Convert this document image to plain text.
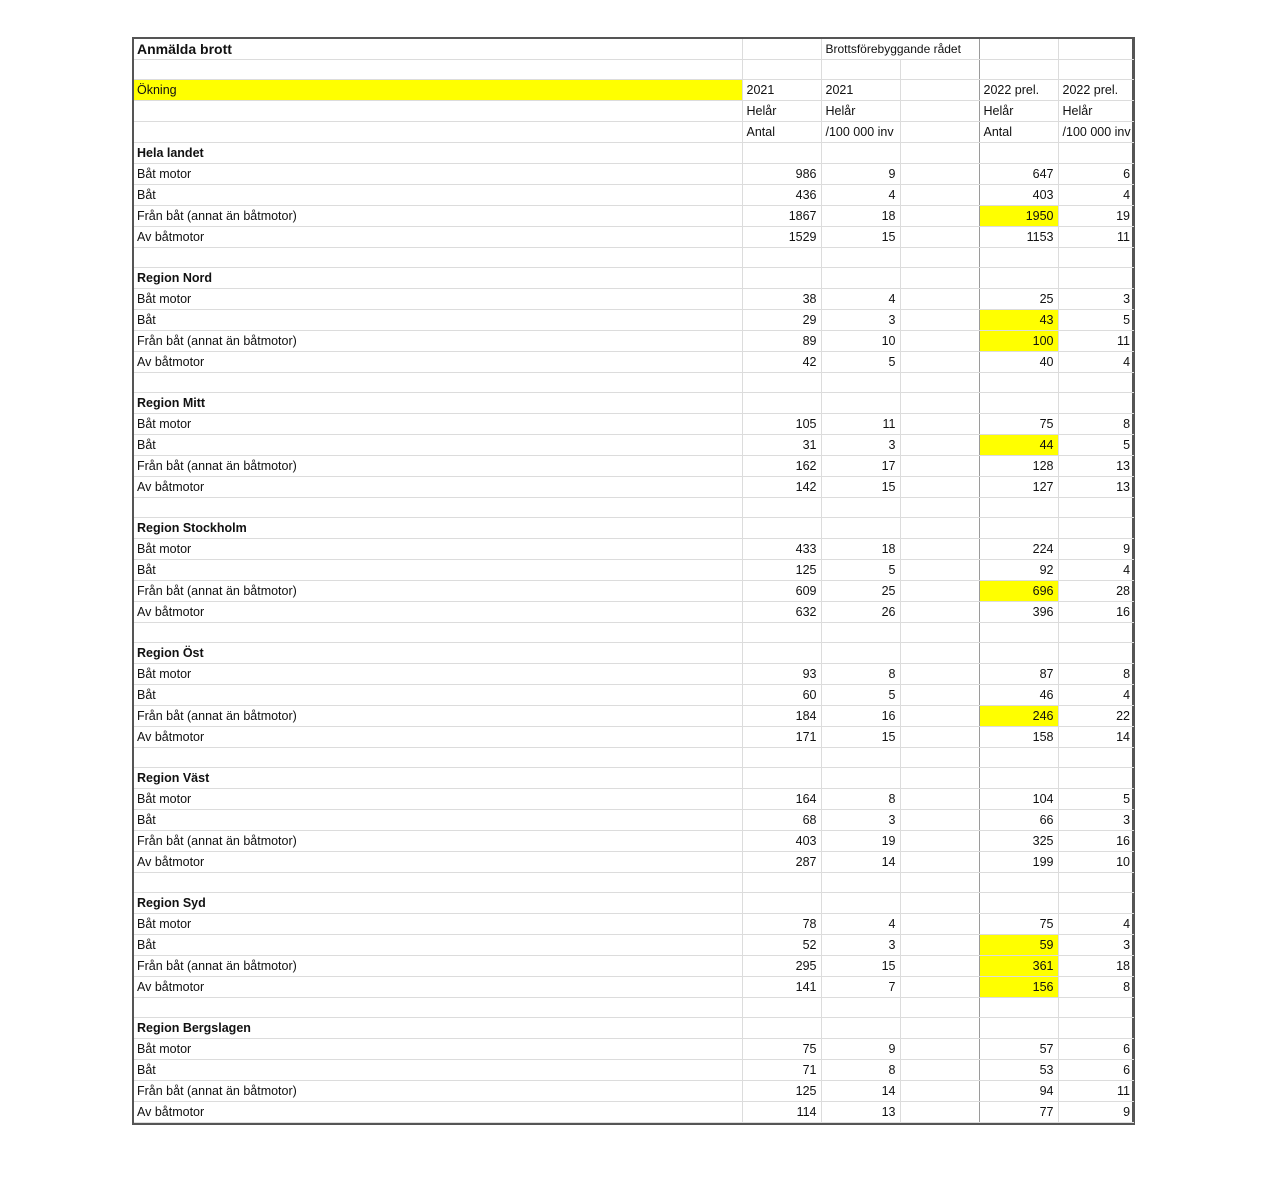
Anmälda brott		Brottsförebyggande rådet			

Ökning	2021	2021		2022 prel.	2022 prel.
	Helår	Helår		Helår	Helår
	Antal	/100 000 inv		Antal	/100 000 inv
Hela landet					
Båt motor	986	9		647	6
Båt	436	4		403	4
Från båt (annat än båtmotor)	1867	18		1950	19
Av båtmotor	1529	15		1153	11

Region Nord					
Båt motor	38	4		25	3
Båt	29	3		43	5
Från båt (annat än båtmotor)	89	10		100	11
Av båtmotor	42	5		40	4

Region Mitt					
Båt motor	105	11		75	8
Båt	31	3		44	5
Från båt (annat än båtmotor)	162	17		128	13
Av båtmotor	142	15		127	13

Region Stockholm					
Båt motor	433	18		224	9
Båt	125	5		92	4
Från båt (annat än båtmotor)	609	25		696	28
Av båtmotor	632	26		396	16

Region Öst					
Båt motor	93	8		87	8
Båt	60	5		46	4
Från båt (annat än båtmotor)	184	16		246	22
Av båtmotor	171	15		158	14

Region Väst					
Båt motor	164	8		104	5
Båt	68	3		66	3
Från båt (annat än båtmotor)	403	19		325	16
Av båtmotor	287	14		199	10

Region Syd					
Båt motor	78	4		75	4
Båt	52	3		59	3
Från båt (annat än båtmotor)	295	15		361	18
Av båtmotor	141	7		156	8

Region Bergslagen					
Båt motor	75	9		57	6
Båt	71	8		53	6
Från båt (annat än båtmotor)	125	14		94	11
Av båtmotor	114	13		77	9
